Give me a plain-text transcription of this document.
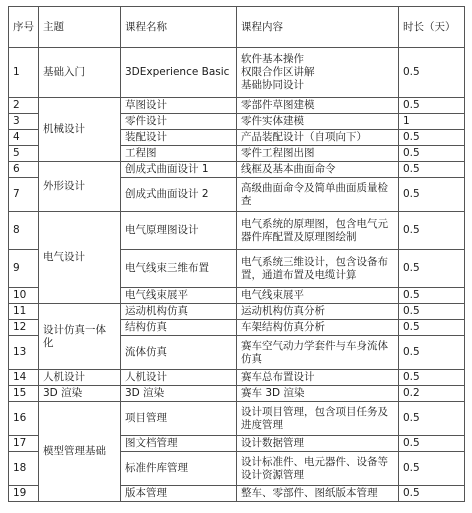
序号	主题	课程名称	课程内容	时长（天）
1	基础入门	3DExperience Basic	软件基本操作
权限合作区讲解
基础协同设计	0.5
2	机械设计	草图设计	零部件草图建模	0.5
3		零件设计	零件实体建模	1
4		装配设计	产品装配设计（自项向下）	0.5
5		工程图	零件工程图出图	0.5
6	外形设计	创成式曲面设计 1	线框及基本曲面命令	0.5
7		创成式曲面设计 2	高级曲面命令及简单曲面质量检查	0.5
8	电气设计	电气原理图设计	电气系统的原理图，包含电气元器件库配置及原理图绘制	0.5
9		电气线束三维布置	电气系统三维设计，包含设备布置，通道布置及电缆计算	0.5
10		电气线束展平	电气线束展平	0.5
11	设计仿真一体化	运动机构仿真	运动机构仿真分析	0.5
12		结构仿真	车架结构仿真分析	0.5
13		流体仿真	赛车空气动力学套件与车身流体仿真	0.5
14	人机设计	人机设计	赛车总布置设计	0.5
15	3D 渲染	3D 渲染	赛车 3D 渲染	0.2
16	模型管理基础	项目管理	设计项目管理，包含项目任务及进度管理	0.5
17		图文档管理	设计数据管理	0.5
18		标准件库管理	设计标准件、电元器件、设备等设计资源管理	0.5
19		版本管理	整车、零部件、图纸版本管理	0.5
